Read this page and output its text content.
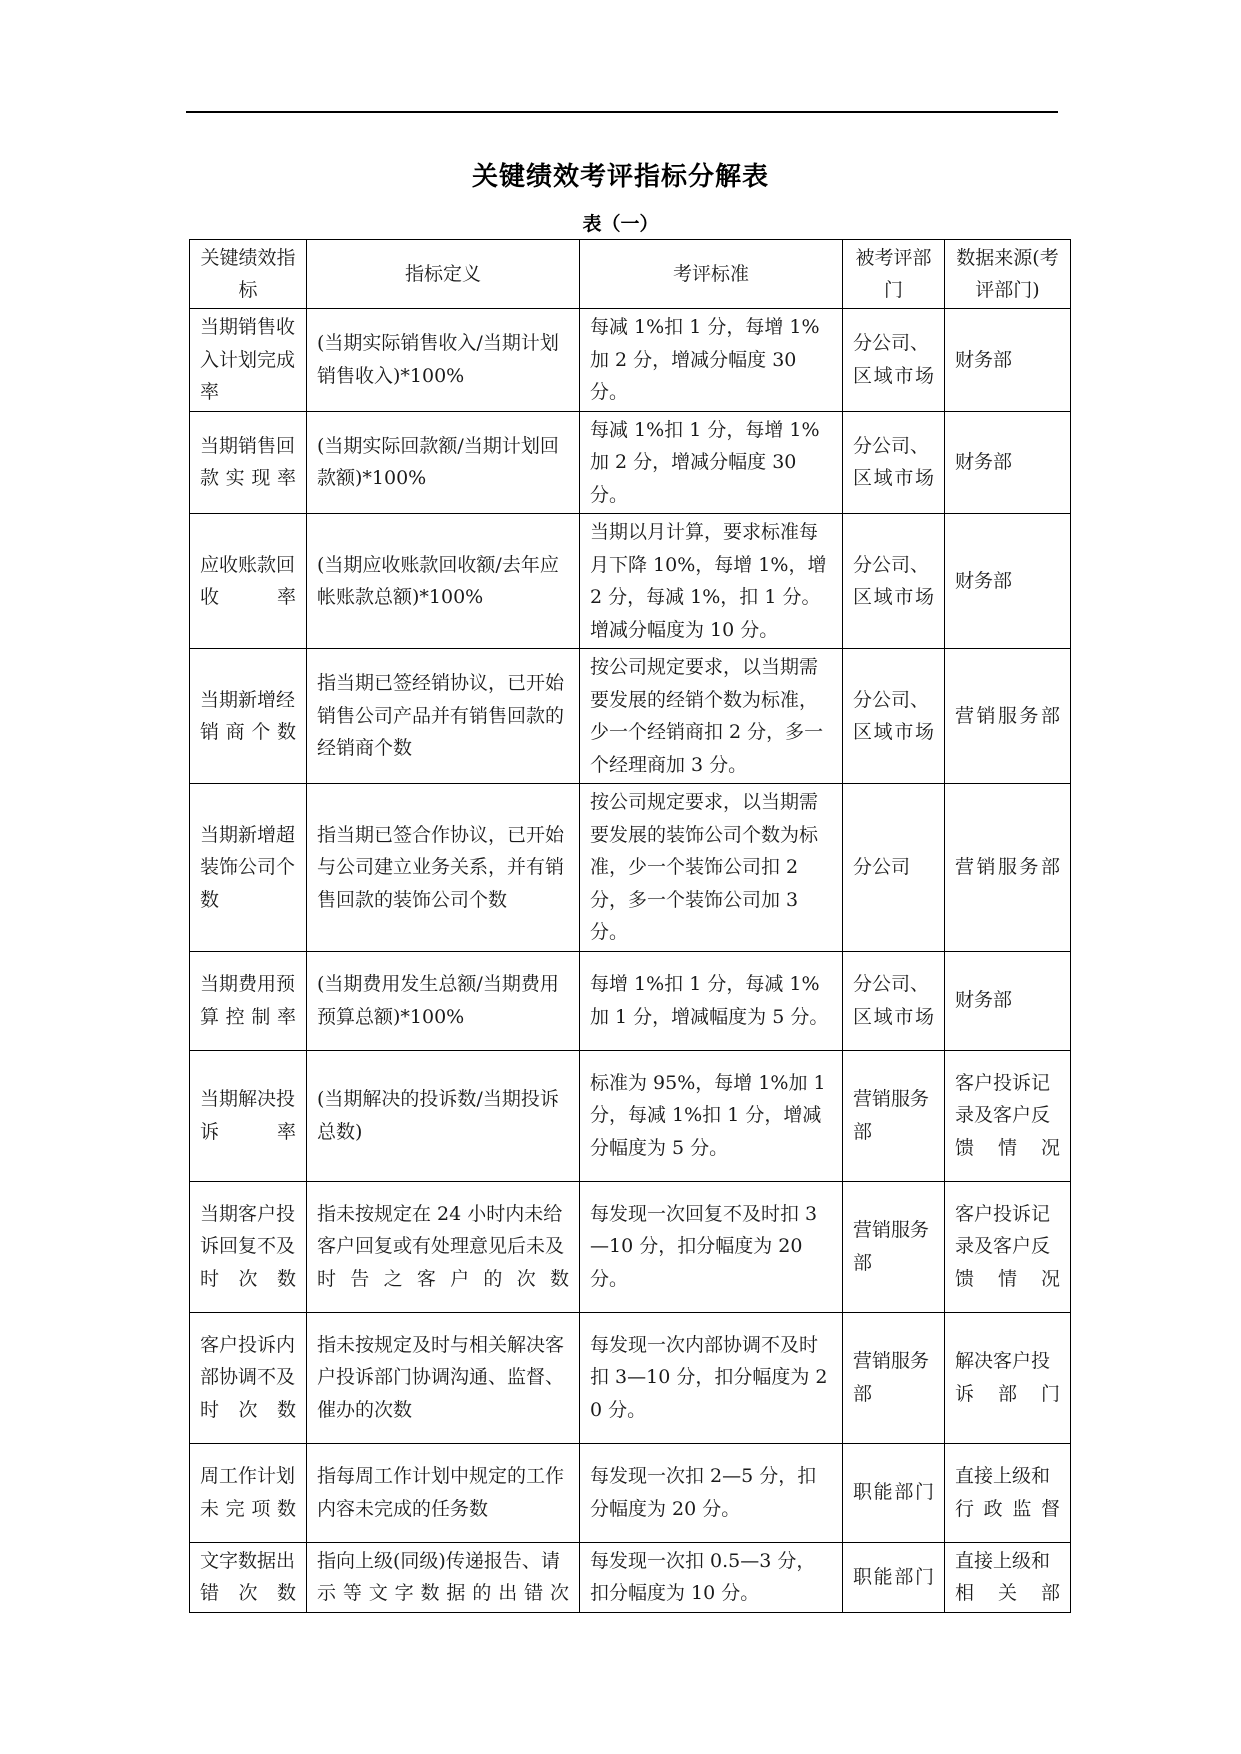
关键绩效考评指标分解表
表（一）
关键绩效指标	指标定义	考评标准	被考评部门	数据来源(考评部门)
当期销售收入计划完成率	(当期实际销售收入/当期计划销售收入)*100%	每减 1%扣 1 分，每增 1%加 2 分，增减分幅度 30 分。	分公司、区域市场	财务部
当期销售回款实现率	(当期实际回款额/当期计划回款额)*100%	每减 1%扣 1 分，每增 1%加 2 分，增减分幅度 30 分。	分公司、区域市场	财务部
应收账款回收率	(当期应收账款回收额/去年应帐账款总额)*100%	当期以月计算，要求标准每月下降 10%，每增 1%，增 2 分，每减 1%，扣 1 分。增减分幅度为 10 分。	分公司、区域市场	财务部
当期新增经销商个数	指当期已签经销协议，已开始销售公司产品并有销售回款的经销商个数	按公司规定要求，以当期需要发展的经销个数为标准，少一个经销商扣 2 分，多一个经理商加 3 分。	分公司、区域市场	营销服务部
当期新增超装饰公司个数	指当期已签合作协议，已开始与公司建立业务关系，并有销售回款的装饰公司个数	按公司规定要求，以当期需要发展的装饰公司个数为标准，少一个装饰公司扣 2 分，多一个装饰公司加 3 分。	分公司	营销服务部
当期费用预算控制率	(当期费用发生总额/当期费用预算总额)*100%	每增 1%扣 1 分，每减 1%加 1 分，增减幅度为 5 分。	分公司、区域市场	财务部
当期解决投诉率	(当期解决的投诉数/当期投诉总数)	标准为 95%，每增 1%加 1 分，每减 1%扣 1 分，增减分幅度为 5 分。	营销服务部	客户投诉记录及客户反馈情况
当期客户投诉回复不及时次数	指未按规定在 24 小时内未给客户回复或有处理意见后未及时告之客户的次数	每发现一次回复不及时扣 3—10 分，扣分幅度为 20 分。	营销服务部	客户投诉记录及客户反馈情况
客户投诉内部协调不及时次数	指未按规定及时与相关解决客户投诉部门协调沟通、监督、催办的次数	每发现一次内部协调不及时扣 3—10 分，扣分幅度为 20 分。	营销服务部	解决客户投诉部门
周工作计划未完项数	指每周工作计划中规定的工作内容未完成的任务数	每发现一次扣 2—5 分，扣分幅度为 20 分。	职能部门	直接上级和行政监督
文字数据出错次数	指向上级(同级)传递报告、请示等文字数据的出错次	每发现一次扣 0.5—3 分，扣分幅度为 10 分。	职能部门	直接上级和相关部
